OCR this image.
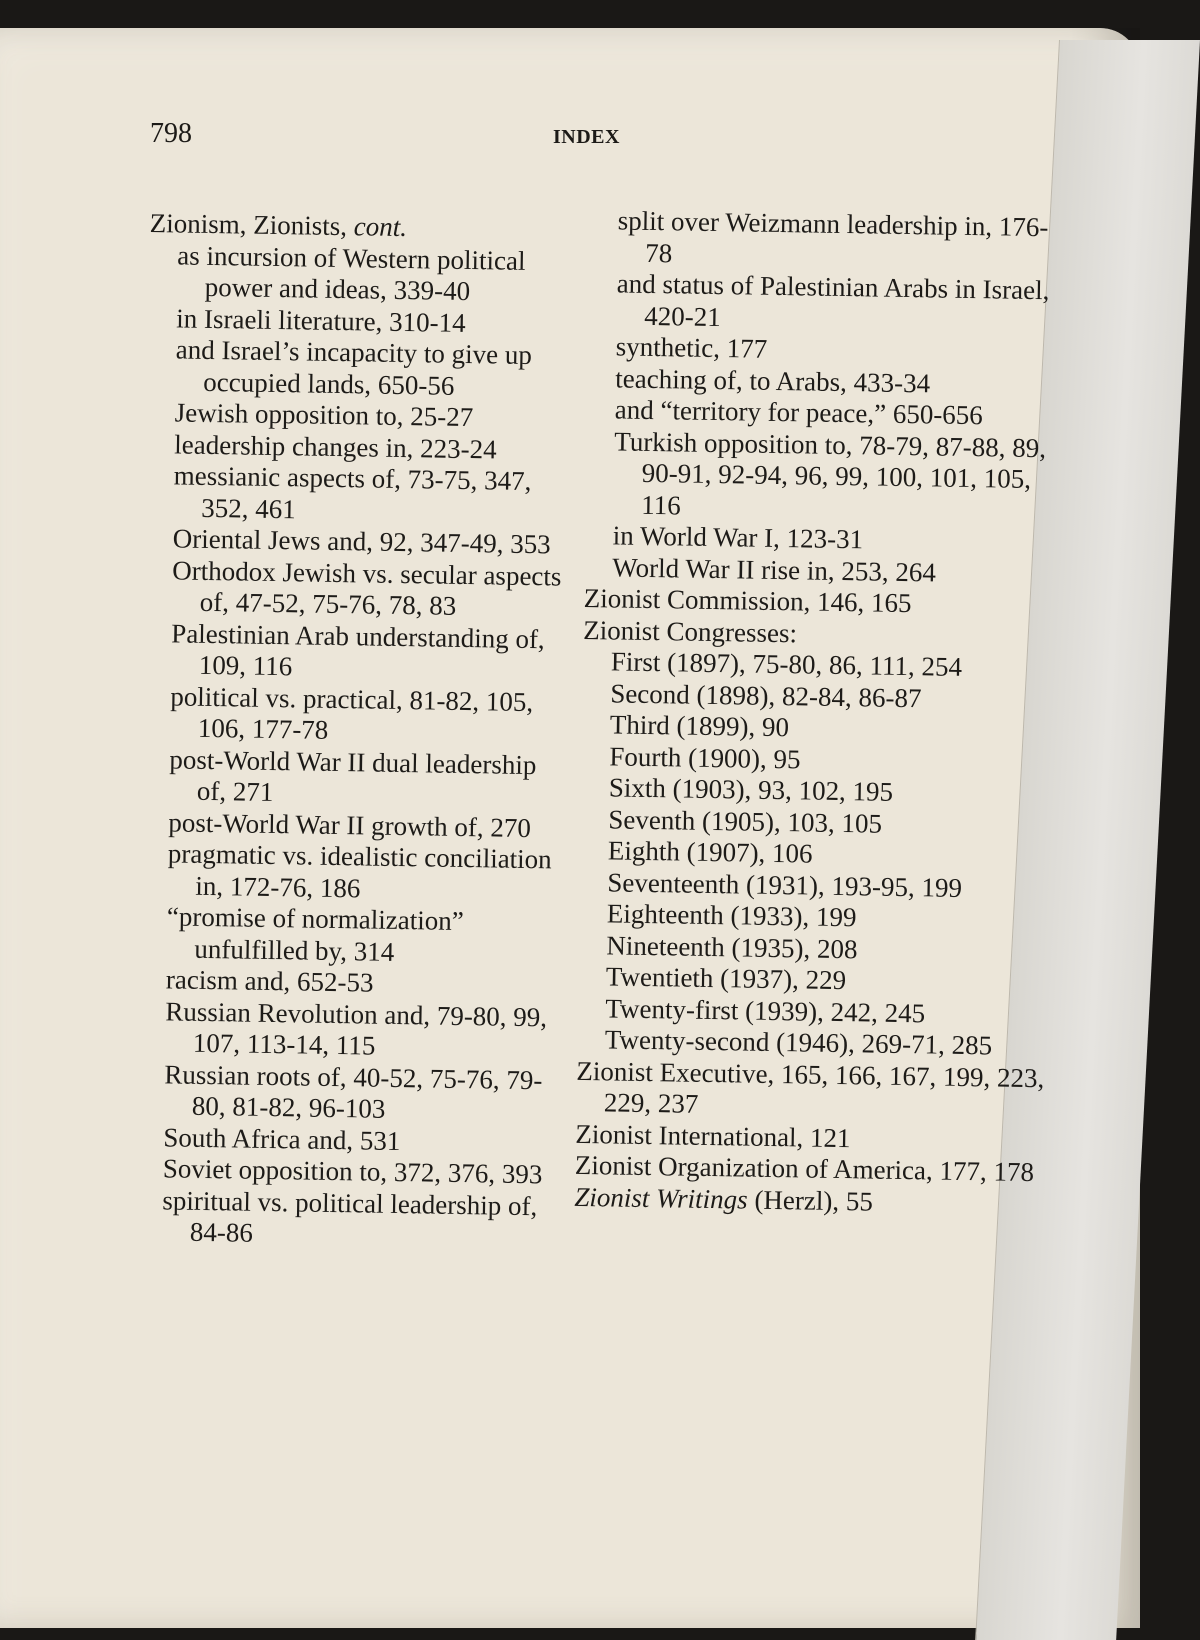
798	INDEX

Zionism, Zionists, cont.

as incursion of Western political power and ideas, 339-40

in Israeli literature, 310-14

and Israel’s incapacity to give up occupied lands, 650-56

Jewish opposition to, 25-27

leadership changes in, 223-24

messianic aspects of, 73-75, 347, 352, 461

Oriental Jews and, 92, 347-49, 353

Orthodox Jewish vs. secular aspects of, 47-52, 75-76, 78, 83

Palestinian Arab understanding of, 109, 116

political vs. practical, 81-82, 105, 106, 177-78

post-World War II dual leadership of, 271

post-World War II growth of, 270

pragmatic vs. idealistic conciliation in, 172-76, 186

“promise of normalization” unfulfilled by, 314

racism and, 652-53

Russian Revolution and, 79-80, 99, 107, 113-14, 115

Russian roots of, 40-52, 75-76, 79-80, 81-82, 96-103

South Africa and, 531

Soviet opposition to, 372, 376, 393

spiritual vs. political leadership of, 84-86

split over Weizmann leadership in, 176-78

and status of Palestinian Arabs in Israel, 420-21

synthetic, 177

teaching of, to Arabs, 433-34

and “territory for peace,” 650-656

Turkish opposition to, 78-79, 87-88, 89, 90-91, 92-94, 96, 99, 100, 101, 105, 116

in World War I, 123-31

World War II rise in, 253, 264

Zionist Commission, 146, 165

Zionist Congresses:

First (1897), 75-80, 86, 111, 254

Second (1898), 82-84, 86-87

Third (1899), 90

Fourth (1900), 95

Sixth (1903), 93, 102, 195

Seventh (1905), 103, 105

Eighth (1907), 106

Seventeenth (1931), 193-95, 199

Eighteenth (1933), 199

Nineteenth (1935), 208

Twentieth (1937), 229

Twenty-first (1939), 242, 245

Twenty-second (1946), 269-71, 285

Zionist Executive, 165, 166, 167, 199, 223, 229, 237

Zionist International, 121

Zionist Organization of America, 177, 178

Zionist Writings (Herzl), 55
